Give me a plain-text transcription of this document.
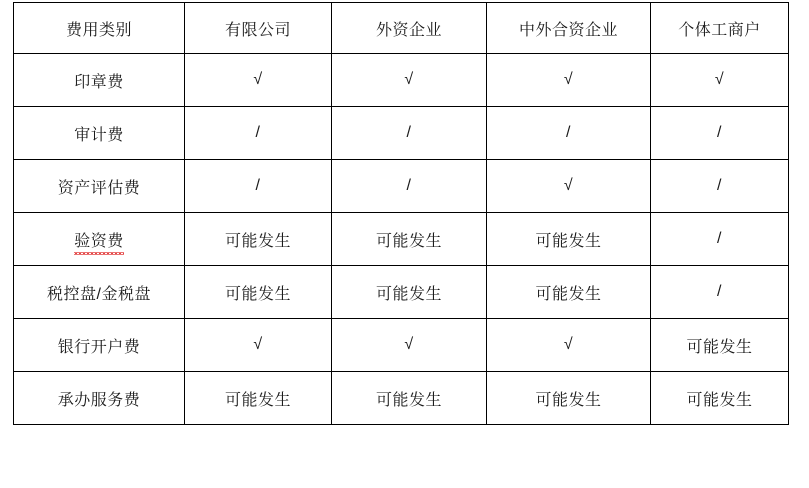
费用类别	有限公司	外资企业	中外合资企业	个体工商户
印章费	√	√	√	√
审计费	/	/	/	/
资产评估费	/	/	√	/
验资费	可能发生	可能发生	可能发生	/
税控盘/金税盘	可能发生	可能发生	可能发生	/
银行开户费	√	√	√	可能发生
承办服务费	可能发生	可能发生	可能发生	可能发生
